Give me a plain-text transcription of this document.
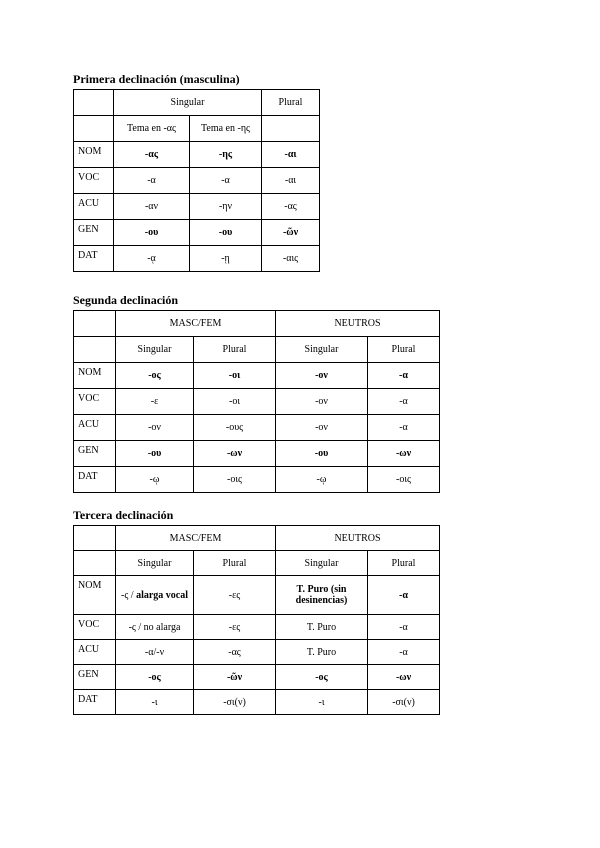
Primera declinación (masculina)
	Singular		Plural
	Tema en -ας	Tema en -ης	
NOM	-ας	-ης	-αι
VOC	-α	-α	-αι
ACU	-αν	-ην	-ας
GEN	-ου	-ου	-ῶν
DAT	-ᾳ	-ῃ	-αις
Segunda declinación
	MASC/FEM		NEUTROS	
	Singular	Plural	Singular	Plural
NOM	-ος	-οι	-ον	-α
VOC	-ε	-οι	-ον	-α
ACU	-ον	-ους	-ον	-α
GEN	-ου	-ων	-ου	-ων
DAT	-ῳ	-οις	-ῳ	-οις
Tercera declinación
	MASC/FEM		NEUTROS	
	Singular	Plural	Singular	Plural
NOM	-ς / alarga vocal	-ες	T. Puro (sin desinencias)	-α
VOC	-ς / no alarga	-ες	T. Puro	-α
ACU	-α/-ν	-ας	T. Puro	-α
GEN	-ος	-ῶν	-ος	-ων
DAT	-ι	-σι(ν)	-ι	-σι(ν)
